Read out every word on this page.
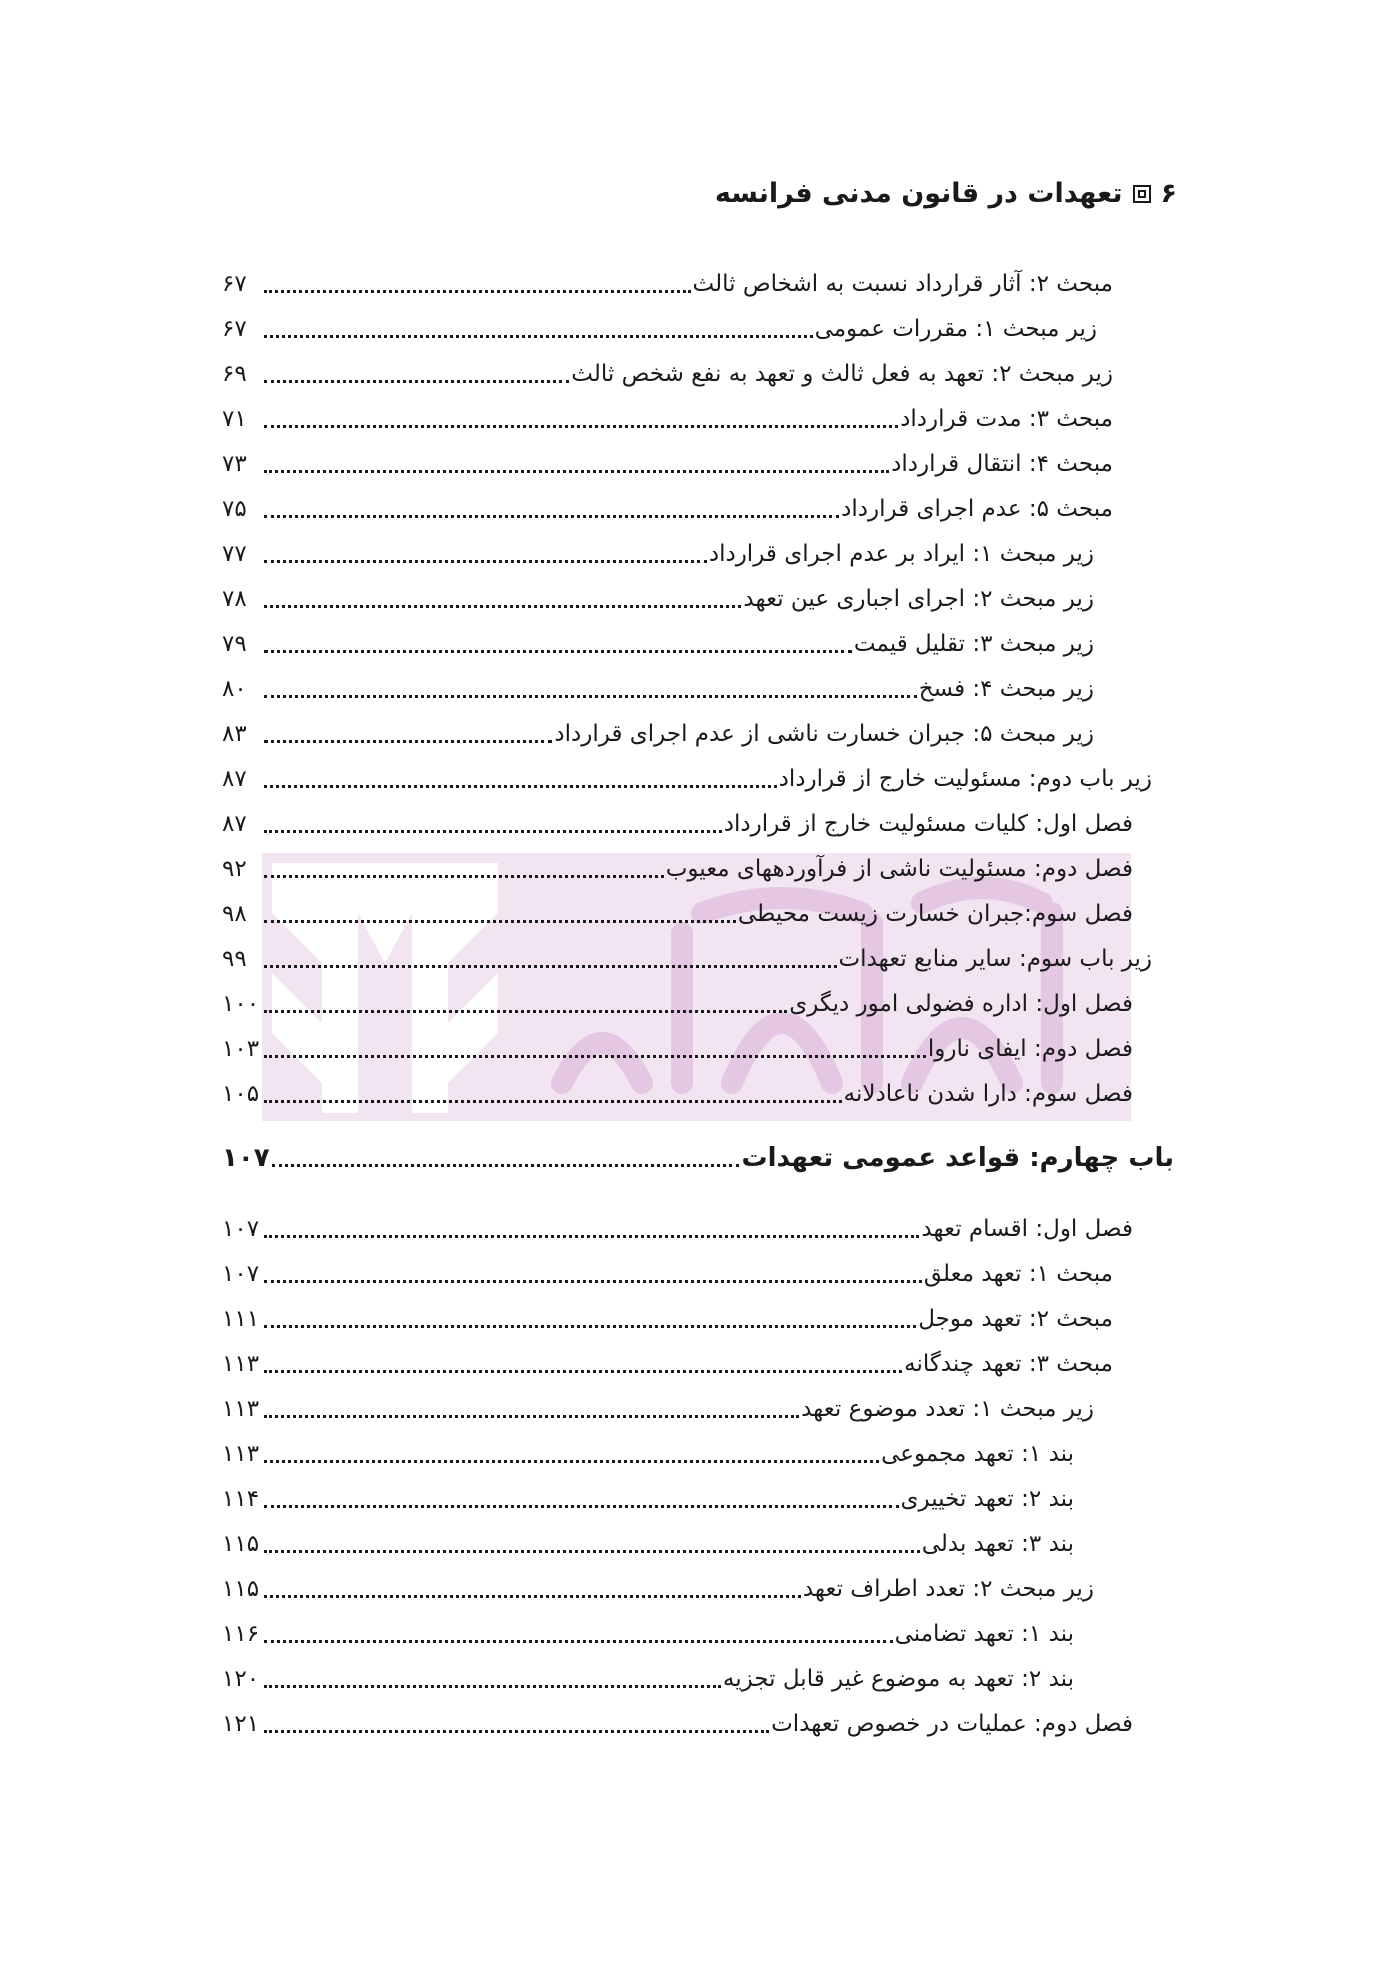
۶
تعهدات در قانون مدنی فرانسه
مبحث ۲: آثار قرارداد نسبت به اشخاص ثالث
۶۷
زیر مبحث ۱: مقررات عمومی
۶۷
زیر مبحث ۲: تعهد به فعل ثالث و تعهد به نفع شخص ثالث
۶۹
مبحث ۳: مدت قرارداد
۷۱
مبحث ۴: انتقال قرارداد
۷۳
مبحث ۵: عدم اجرای قرارداد
۷۵
زیر مبحث ۱: ایراد بر عدم اجرای قرارداد
۷۷
زیر مبحث ۲: اجرای اجباری عین تعهد
۷۸
زیر مبحث ۳: تقلیل قیمت
۷۹
زیر مبحث ۴: فسخ
۸۰
زیر مبحث ۵: جبران خسارت ناشی از عدم اجرای قرارداد
۸۳
زیر باب دوم: مسئولیت خارج از قرارداد
۸۷
فصل اول: کلیات مسئولیت خارج از قرارداد
۸۷
فصل دوم: مسئولیت ناشی از فرآوردههای معیوب
۹۲
فصل سوم:جبران خسارت زیست محیطی
۹۸
زیر باب سوم: سایر منابع تعهدات
۹۹
فصل اول: اداره فضولی امور دیگری
۱۰۰
فصل دوم: ایفای ناروا
۱۰۳
فصل سوم: دارا شدن ناعادلانه
۱۰۵
باب چهارم: قواعد عمومی تعهدات
۱۰۷
فصل اول: اقسام تعهد
۱۰۷
مبحث ۱: تعهد معلق
۱۰۷
مبحث ۲: تعهد موجل
۱۱۱
مبحث ۳: تعهد چندگانه
۱۱۳
زیر مبحث ۱: تعدد موضوع تعهد
۱۱۳
بند ۱: تعهد مجموعی
۱۱۳
بند ۲: تعهد تخییری
۱۱۴
بند ۳: تعهد بدلی
۱۱۵
زیر مبحث ۲: تعدد اطراف تعهد
۱۱۵
بند ۱: تعهد تضامنی
۱۱۶
بند ۲: تعهد به موضوع غیر قابل تجزیه
۱۲۰
فصل دوم: عملیات در خصوص تعهدات
۱۲۱
